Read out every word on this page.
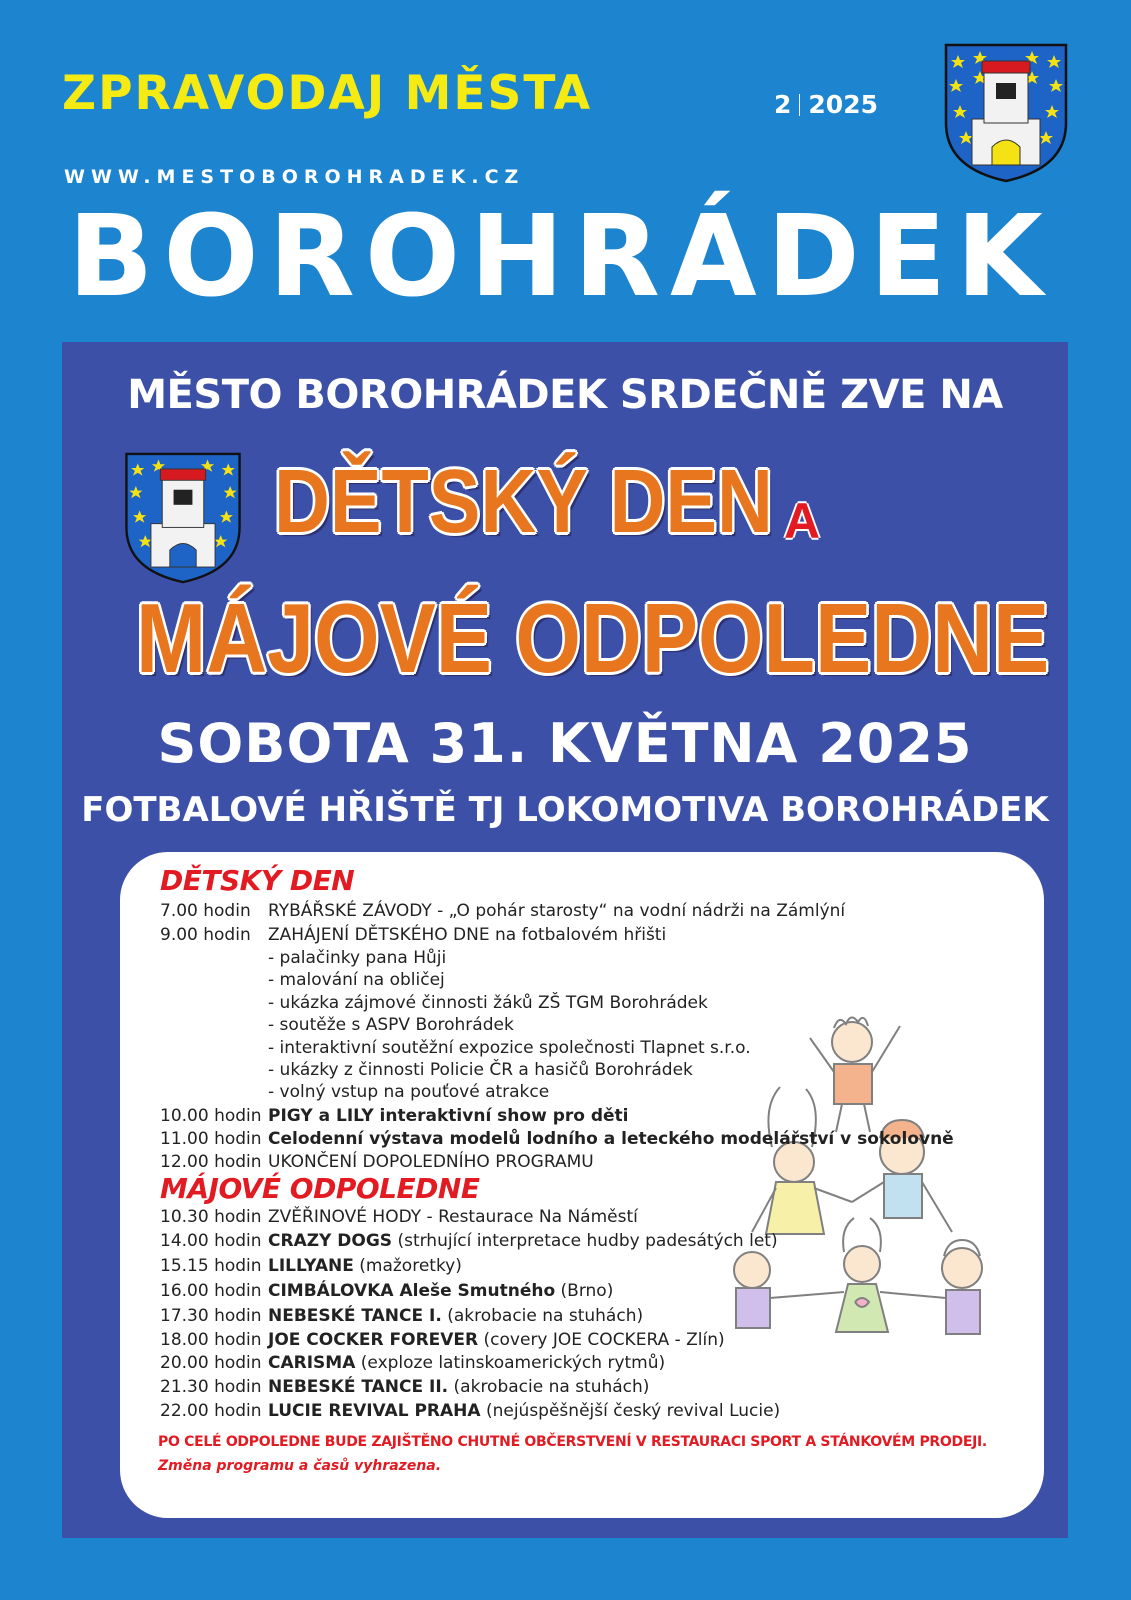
ZPRAVODAJ MĚSTA	2 2025
WWW.MESTOBOROHRADEK.CZ
BOROHRÁDEK
MĚSTO BOROHRÁDEK SRDEČNĚ ZVE NA
DĚTSKÝ DEN A
MÁJOVÉ ODPOLEDNE
SOBOTA 31. KVĚTNA 2025
FOTBALOVÉ HŘIŠTĚ TJ LOKOMOTIVA BOROHRÁDEK
DĚTSKÝ DEN
7.00 hodin RYBÁŘSKÉ ZÁVODY - „O pohár starosty“ na vodní nádrži na Zámlýní
9.00 hodin ZAHÁJENÍ DĚTSKÉHO DNE na fotbalovém hřišti
- palačinky pana Hůji
- malování na obličej
- ukázka zájmové činnosti žáků ZŠ TGM Borohrádek
- soutěže s ASPV Borohrádek
- interaktivní soutěžní expozice společnosti Tlapnet s.r.o.
- ukázky z činnosti Policie ČR a hasičů Borohrádek
- volný vstup na pouťové atrakce
10.00 hodin PIGY a LILY interaktivní show pro děti
11.00 hodin Celodenní výstava modelů lodního a leteckého modelářství v sokolovně
12.00 hodin UKONČENÍ DOPOLEDNÍHO PROGRAMU
MÁJOVÉ ODPOLEDNE
10.30 hodin ZVĚŘINOVÉ HODY - Restaurace Na Náměstí
14.00 hodin CRAZY DOGS (strhující interpretace hudby padesátých let)
15.15 hodin LILLYANE (mažoretky)
16.00 hodin CIMBÁLOVKA Aleše Smutného (Brno)
17.30 hodin NEBESKÉ TANCE I. (akrobacie na stuhách)
18.00 hodin JOE COCKER FOREVER (covery JOE COCKERA - Zlín)
20.00 hodin CARISMA (exploze latinskoamerických rytmů)
21.30 hodin NEBESKÉ TANCE II. (akrobacie na stuhách)
22.00 hodin LUCIE REVIVAL PRAHA (nejúspěšnější český revival Lucie)
PO CELÉ ODPOLEDNE BUDE ZAJIŠTĚNO CHUTNÉ OBČERSTVENÍ V RESTAURACI SPORT A STÁNKOVÉM PRODEJI.
Změna programu a časů vyhrazena.
